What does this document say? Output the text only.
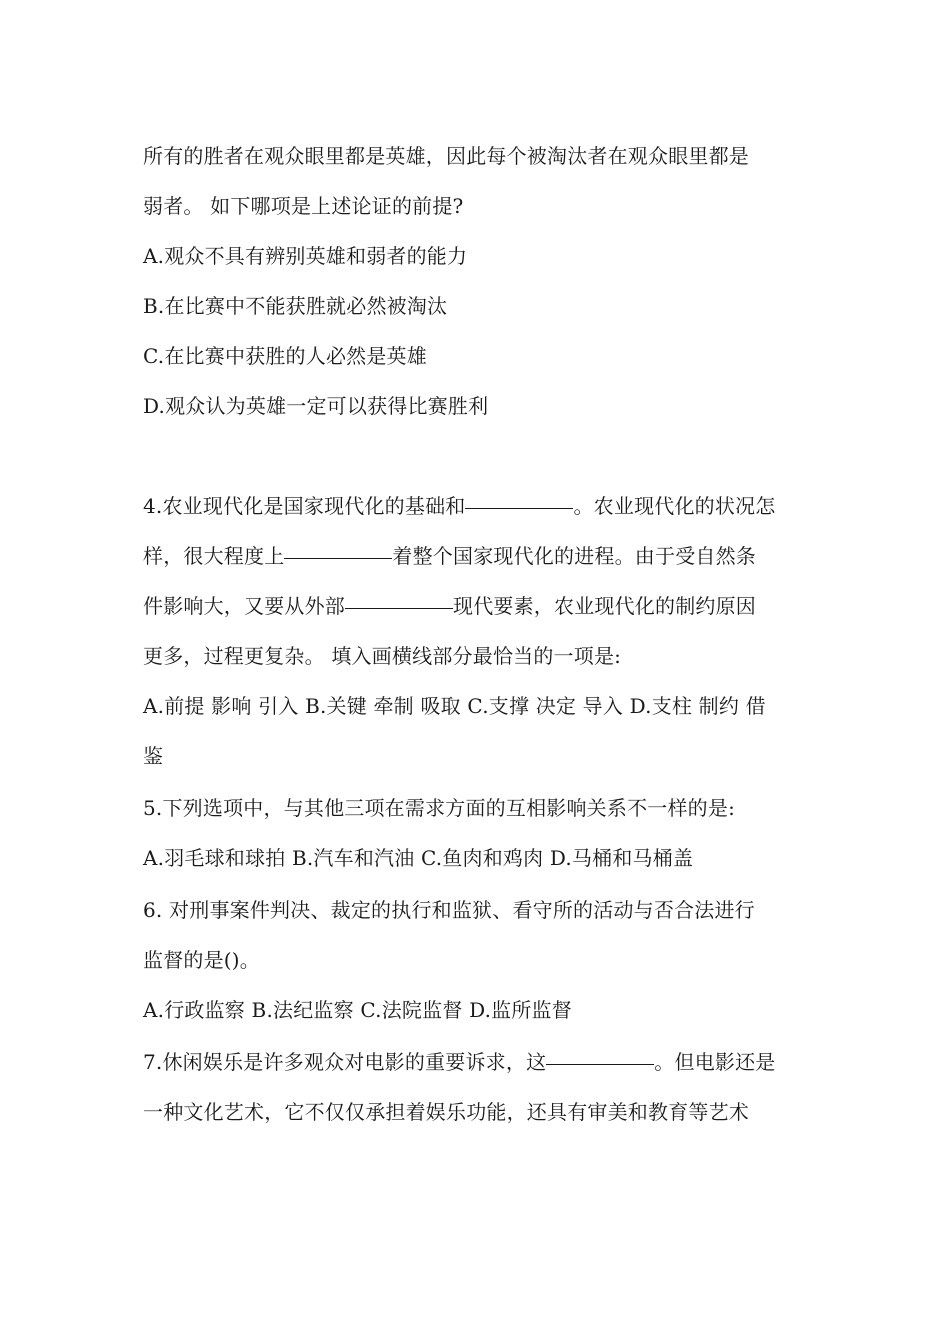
所有的胜者在观众眼里都是英雄，因此每个被淘汰者在观众眼里都是
弱者。 如下哪项是上述论证的前提?
A.观众不具有辨别英雄和弱者的能力
B.在比赛中不能获胜就必然被淘汰
C.在比赛中获胜的人必然是英雄
D.观众认为英雄一定可以获得比赛胜利
4.农业现代化是国家现代化的基础和	。农业现代化的状况怎
样，很大程度上	着整个国家现代化的进程。由于受自然条
件影响大，又要从外部	现代要素，农业现代化的制约原因
更多，过程更复杂。 填入画横线部分最恰当的一项是:
A.前提 影响 引入 B.关键 牵制 吸取 C.支撑 决定 导入 D.支柱 制约 借
鉴
5.下列选项中，与其他三项在需求方面的互相影响关系不一样的是:
A.羽毛球和球拍 B.汽车和汽油 C.鱼肉和鸡肉 D.马桶和马桶盖
6. 对刑事案件判决、裁定的执行和监狱、看守所的活动与否合法进行
监督的是()。
A.行政监察 B.法纪监察 C.法院监督 D.监所监督
7.休闲娱乐是许多观众对电影的重要诉求，这	。但电影还是
一种文化艺术，它不仅仅承担着娱乐功能，还具有审美和教育等艺术
